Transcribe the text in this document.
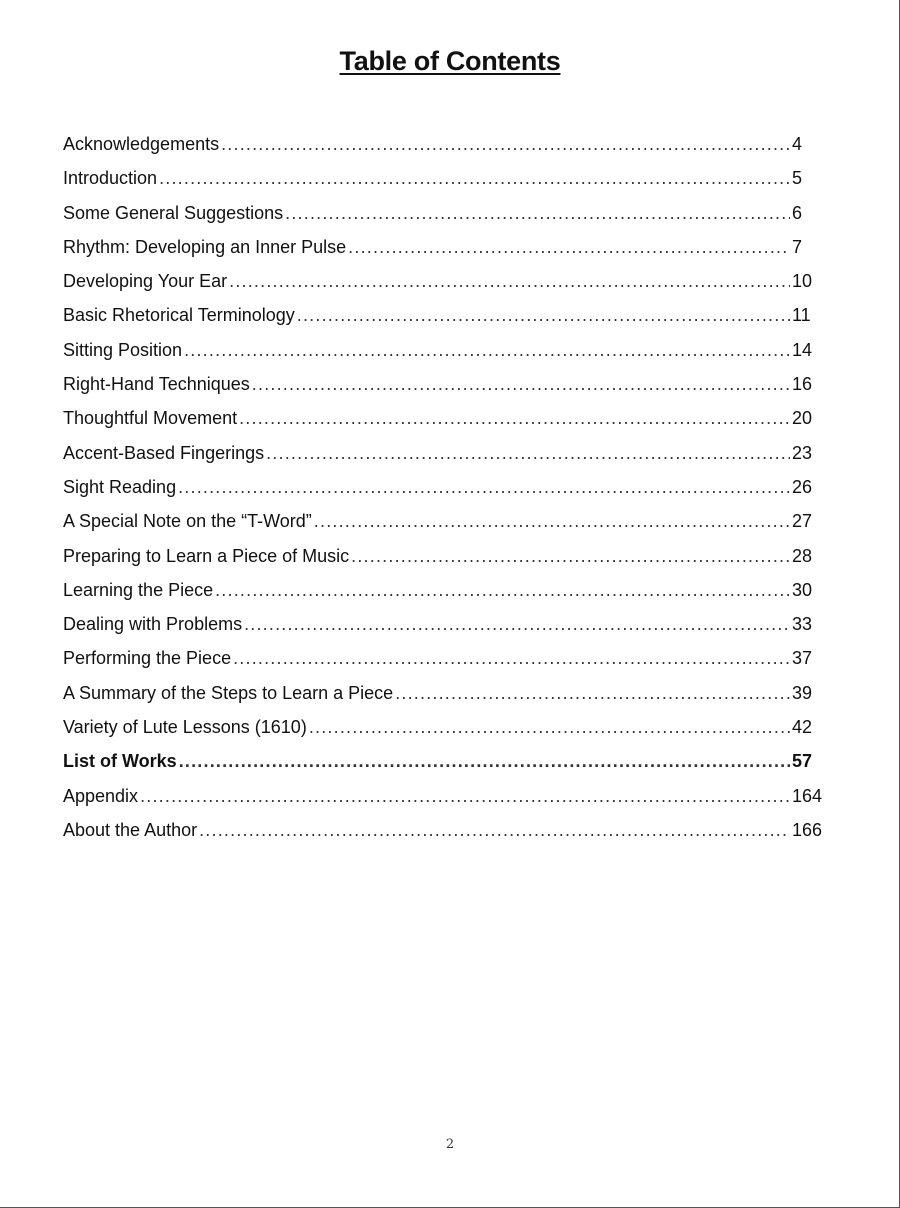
Table of Contents
Acknowledgements .....	4
Introduction .....	5
Some General Suggestions .....	6
Rhythm: Developing an Inner Pulse .....	7
Developing Your Ear .....	10
Basic Rhetorical Terminology .....	11
Sitting Position .....	14
Right-Hand Techniques .....	16
Thoughtful Movement .....	20
Accent-Based Fingerings .....	23
Sight Reading .....	26
A Special Note on the “T-Word” .....	27
Preparing to Learn a Piece of Music .....	28
Learning the Piece .....	30
Dealing with Problems .....	33
Performing the Piece .....	37
A Summary of the Steps to Learn a Piece .....	39
Variety of Lute Lessons (1610) .....	42
List of Works .....	57
Appendix .....	164
About the Author .....	166
2
